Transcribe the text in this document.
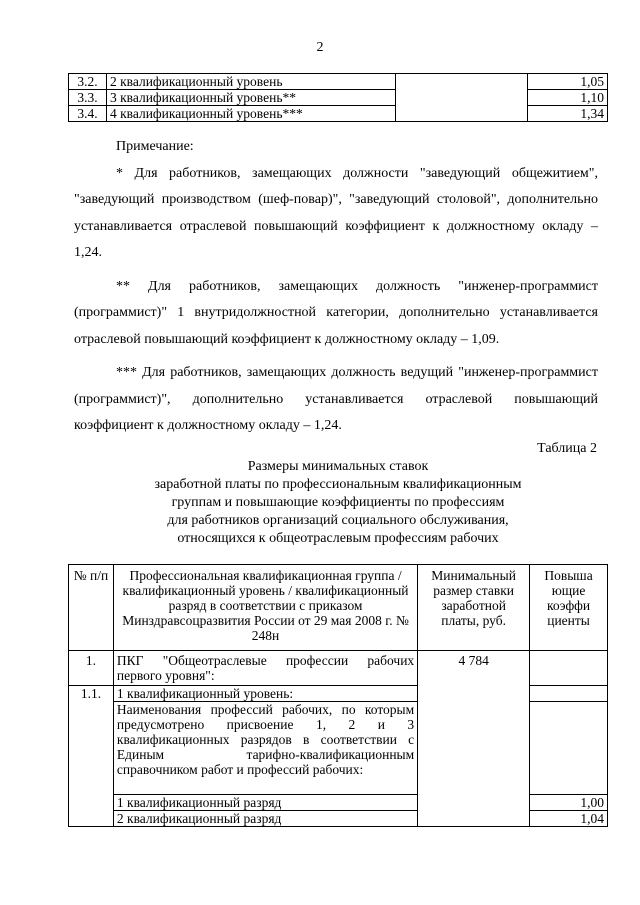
2
3.2.	2 квалификационный уровень		1,05
3.3.	3 квалификационный уровень**		1,10
3.4.	4 квалификационный уровень***		1,34

Примечание:

* Для работников, замещающих должности "заведующий общежитием", "заведующий производством (шеф-повар)", "заведующий столовой", дополнительно устанавливается отраслевой повышающий коэффициент к должностному окладу – 1,24.

** Для работников, замещающих должность "инженер-программист (программист)" 1 внутридолжностной категории, дополнительно устанавливается отраслевой повышающий коэффициент к должностному окладу – 1,09.

*** Для работников, замещающих должность ведущий "инженер-программист (программист)", дополнительно устанавливается отраслевой повышающий коэффициент к должностному окладу – 1,24.

Таблица 2
Размеры минимальных ставок
заработной платы по профессиональным квалификационным
группам и повышающие коэффициенты по профессиям
для работников организаций социального обслуживания,
относящихся к общеотраслевым профессиям рабочих
№ п/п	Профессиональная квалификационная группа / квалификационный уровень / квалификационный разряд в соответствии с приказом Минздравсоцразвития России от 29 мая 2008 г. № 248н	Минимальный размер ставки заработной платы, руб.	Повыша ющие коэффи циенты
1.	ПКГ "Общеотраслевые профессии рабочих первого уровня":	4 784	
1.1.	1 квалификационный уровень:		
	Наименования профессий рабочих, по которым предусмотрено присвоение 1, 2 и 3 квалификационных разрядов в соответствии с Единым тарифно-квалификационным справочником работ и профессий рабочих:		
	1 квалификационный разряд		1,00
	2 квалификационный разряд		1,04
